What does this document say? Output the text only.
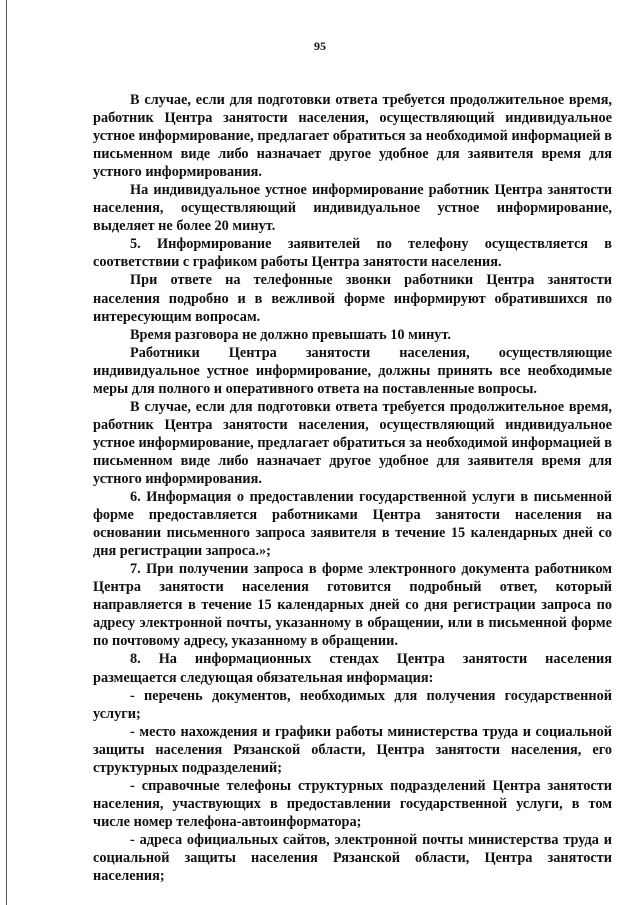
95

В случае, если для подготовки ответа требуется продолжительное время, работник Центра занятости населения, осуществляющий индивидуальное устное информирование, предлагает обратиться за необходимой информацией в письменном виде либо назначает другое удобное для заявителя время для устного информирования.

На индивидуальное устное информирование работник Центра занятости населения, осуществляющий индивидуальное устное информирование, выделяет не более 20 минут.

5. Информирование заявителей по телефону осуществляется в соответствии с графиком работы Центра занятости населения.

При ответе на телефонные звонки работники Центра занятости населения подробно и в вежливой форме информируют обратившихся по интересующим вопросам.

Время разговора не должно превышать 10 минут.

Работники Центра занятости населения, осуществляющие индивидуальное устное информирование, должны принять все необходимые меры для полного и оперативного ответа на поставленные вопросы.

В случае, если для подготовки ответа требуется продолжительное время, работник Центра занятости населения, осуществляющий индивидуальное устное информирование, предлагает обратиться за необходимой информацией в письменном виде либо назначает другое удобное для заявителя время для устного информирования.

6. Информация о предоставлении государственной услуги в письменной форме предоставляется работниками Центра занятости населения на основании письменного запроса заявителя в течение 15 календарных дней со дня регистрации запроса.»;

7. При получении запроса в форме электронного документа работником Центра занятости населения готовится подробный ответ, который направляется в течение 15 календарных дней со дня регистрации запроса по адресу электронной почты, указанному в обращении, или в письменной форме по почтовому адресу, указанному в обращении.

8. На информационных стендах Центра занятости населения размещается следующая обязательная информация:

- перечень документов, необходимых для получения государственной услуги;

- место нахождения и графики работы министерства труда и социальной защиты населения Рязанской области, Центра занятости населения, его структурных подразделений;

- справочные телефоны структурных подразделений Центра занятости населения, участвующих в предоставлении государственной услуги, в том числе номер телефона-автоинформатора;

- адреса официальных сайтов, электронной почты министерства труда и социальной защиты населения Рязанской области, Центра занятости населения;
